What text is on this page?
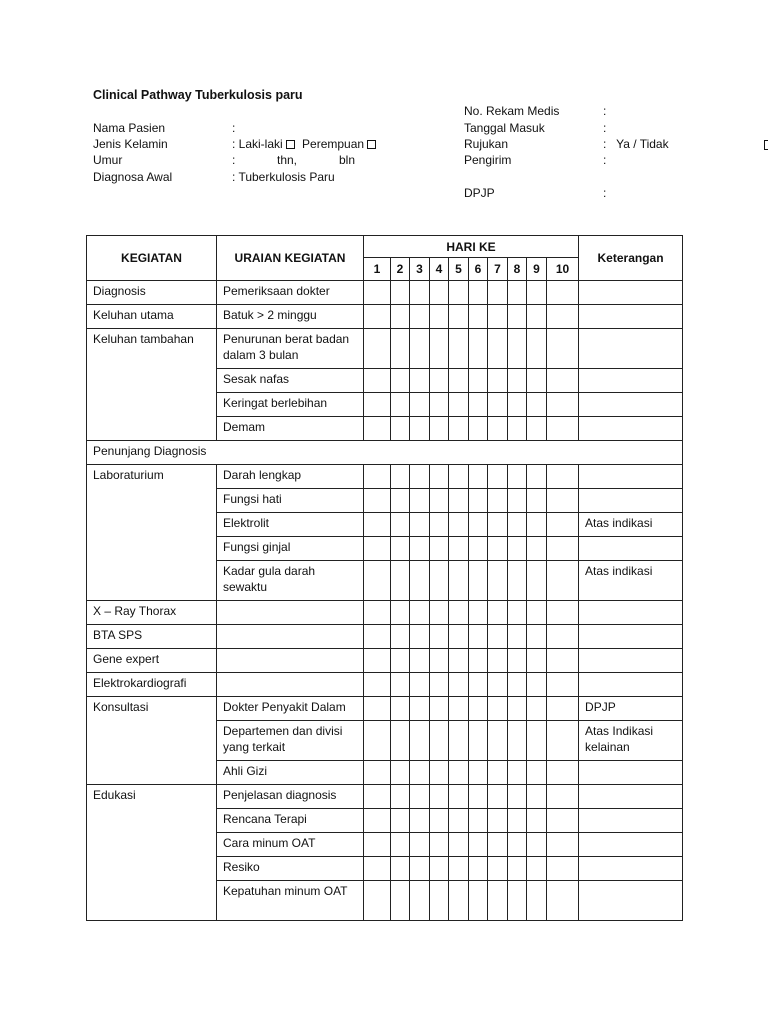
Clinical Pathway Tuberkulosis paru
Nama Pasien	:
Jenis Kelamin	: Laki-laki Perempuan
Umur	:	thn,	bln
Diagnosa Awal	: Tuberkulosis Paru
No. Rekam Medis	:
Tanggal Masuk	:
Rujukan	:   Ya / Tidak
Pengirim	:
DPJP	:
KEGIATAN	URAIAN KEGIATAN	HARI KE										Keterangan
		1	2	3	4	5	6	7	8	9	10	
Diagnosis	Pemeriksaan dokter											
Keluhan utama	Batuk > 2 minggu											
Keluhan tambahan	Penurunan berat badan dalam 3 bulan											
	Sesak nafas											
	Keringat berlebihan											
	Demam											
Penunjang Diagnosis												
Laboraturium	Darah lengkap											
	Fungsi hati											
	Elektrolit											Atas indikasi
	Fungsi ginjal											
	Kadar gula darah sewaktu											Atas indikasi
X – Ray Thorax												
BTA SPS												
Gene expert												
Elektrokardiografi												
Konsultasi	Dokter Penyakit Dalam											DPJP
	Departemen dan divisi yang terkait											Atas Indikasi kelainan
	Ahli Gizi											
Edukasi	Penjelasan diagnosis											
	Rencana Terapi											
	Cara minum OAT											
	Resiko											
	Kepatuhan minum OAT											
